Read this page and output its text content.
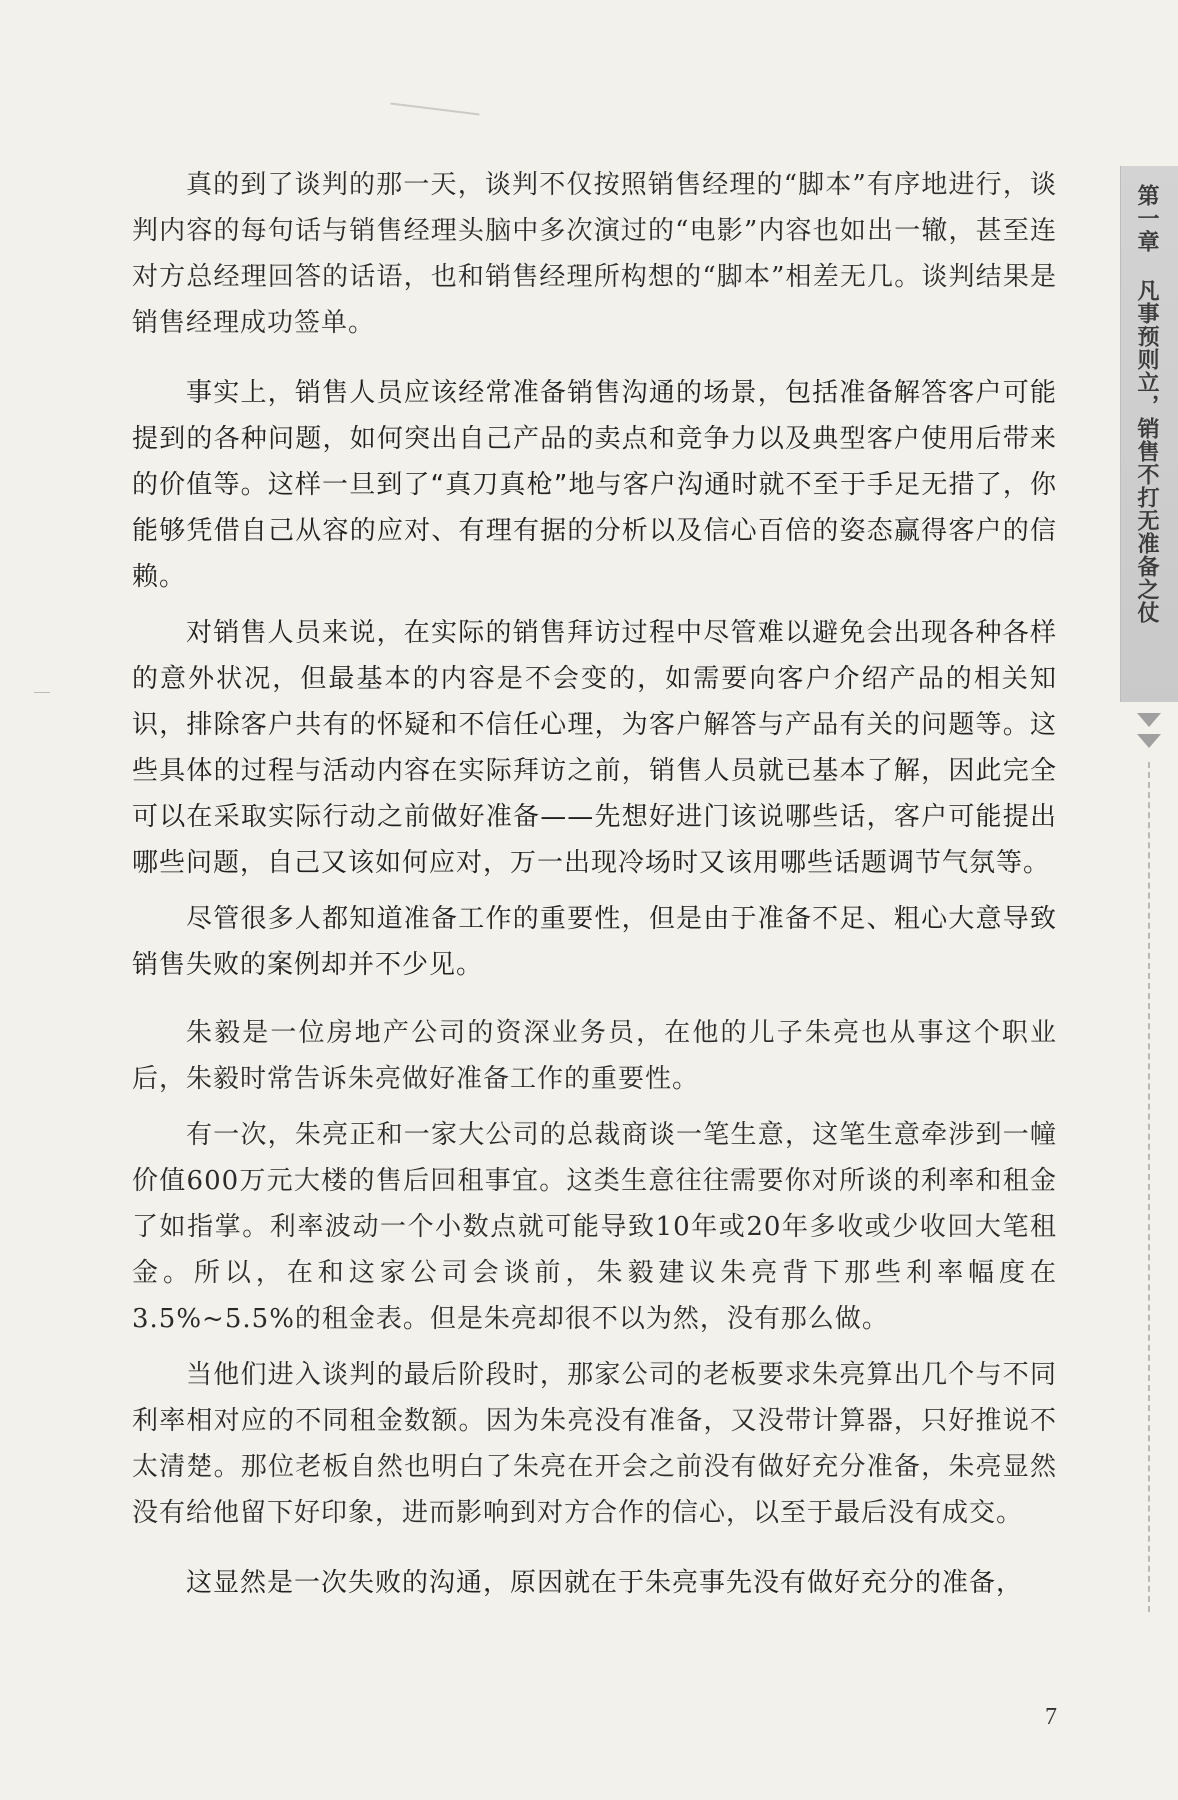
真的到了谈判的那一天，谈判不仅按照销售经理的“脚本”有序地进行，谈判内容的每句话与销售经理头脑中多次演过的“电影”内容也如出一辙，甚至连对方总经理回答的话语，也和销售经理所构想的“脚本”相差无几。谈判结果是销售经理成功签单。

事实上，销售人员应该经常准备销售沟通的场景，包括准备解答客户可能提到的各种问题，如何突出自己产品的卖点和竞争力以及典型客户使用后带来的价值等。这样一旦到了“真刀真枪”地与客户沟通时就不至于手足无措了，你能够凭借自己从容的应对、有理有据的分析以及信心百倍的姿态赢得客户的信赖。

对销售人员来说，在实际的销售拜访过程中尽管难以避免会出现各种各样的意外状况，但最基本的内容是不会变的，如需要向客户介绍产品的相关知识，排除客户共有的怀疑和不信任心理，为客户解答与产品有关的问题等。这些具体的过程与活动内容在实际拜访之前，销售人员就已基本了解，因此完全可以在采取实际行动之前做好准备——先想好进门该说哪些话，客户可能提出哪些问题，自己又该如何应对，万一出现冷场时又该用哪些话题调节气氛等。

尽管很多人都知道准备工作的重要性，但是由于准备不足、粗心大意导致销售失败的案例却并不少见。

朱毅是一位房地产公司的资深业务员，在他的儿子朱亮也从事这个职业后，朱毅时常告诉朱亮做好准备工作的重要性。

有一次，朱亮正和一家大公司的总裁商谈一笔生意，这笔生意牵涉到一幢价值600万元大楼的售后回租事宜。这类生意往往需要你对所谈的利率和租金了如指掌。利率波动一个小数点就可能导致10年或20年多收或少收回大笔租金。所以，在和这家公司会谈前，朱毅建议朱亮背下那些利率幅度在3.5%~5.5%的租金表。但是朱亮却很不以为然，没有那么做。

当他们进入谈判的最后阶段时，那家公司的老板要求朱亮算出几个与不同利率相对应的不同租金数额。因为朱亮没有准备，又没带计算器，只好推说不太清楚。那位老板自然也明白了朱亮在开会之前没有做好充分准备，朱亮显然没有给他留下好印象，进而影响到对方合作的信心，以至于最后没有成交。

这显然是一次失败的沟通，原因就在于朱亮事先没有做好充分的准备，

第一章 凡事预则立，销售不打无准备之仗
7
